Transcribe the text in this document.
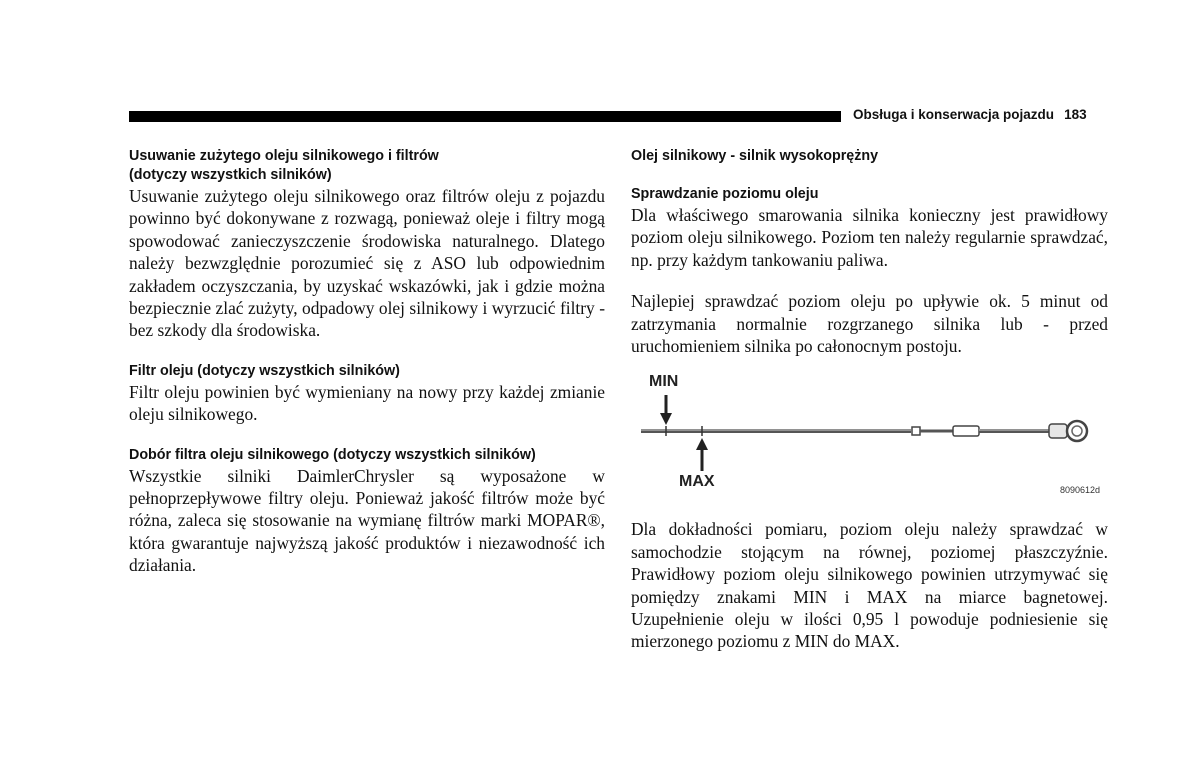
Obsługa i konserwacja pojazdu 183
Usuwanie zużytego oleju silnikowego i filtrów
(dotyczy wszystkich silników)

Usuwanie zużytego oleju silnikowego oraz filtrów oleju z pojazdu powinno być dokonywane z rozwagą, ponieważ oleje i filtry mogą spowodować zanieczyszczenie środowiska naturalnego. Dlatego należy bezwzględnie porozumieć się z ASO lub odpowiednim zakładem oczyszczania, by uzyskać wskazówki, jak i gdzie można bezpiecznie zlać zużyty, odpadowy olej silnikowy i wyrzucić filtry - bez szkody dla środowiska.

Filtr oleju (dotyczy wszystkich silników)

Filtr oleju powinien być wymieniany na nowy przy każdej zmianie oleju silnikowego.

Dobór filtra oleju silnikowego (dotyczy wszystkich silników)

Wszystkie silniki DaimlerChrysler są wyposażone w pełnoprzepływowe filtry oleju. Ponieważ jakość filtrów może być różna, zaleca się stosowanie na wymianę filtrów marki MOPAR®, która gwarantuje najwyższą jakość produktów i niezawodność ich działania.

Olej silnikowy - silnik wysokoprężny
Sprawdzanie poziomu oleju

Dla właściwego smarowania silnika konieczny jest prawidłowy poziom oleju silnikowego. Poziom ten należy regularnie sprawdzać, np. przy każdym tankowaniu paliwa.

Najlepiej sprawdzać poziom oleju po upływie ok. 5 minut od zatrzymania normalnie rozgrzanego silnika lub - przed uruchomieniem silnika po całonocnym postoju.

MIN
MAX	8090612d

Dla dokładności pomiaru, poziom oleju należy sprawdzać w samochodzie stojącym na równej, poziomej płaszczyźnie. Prawidłowy poziom oleju silnikowego powinien utrzymywać się pomiędzy znakami MIN i MAX na miarce bagnetowej. Uzupełnienie oleju w ilości 0,95 l powoduje podniesienie się mierzonego poziomu z MIN do MAX.
